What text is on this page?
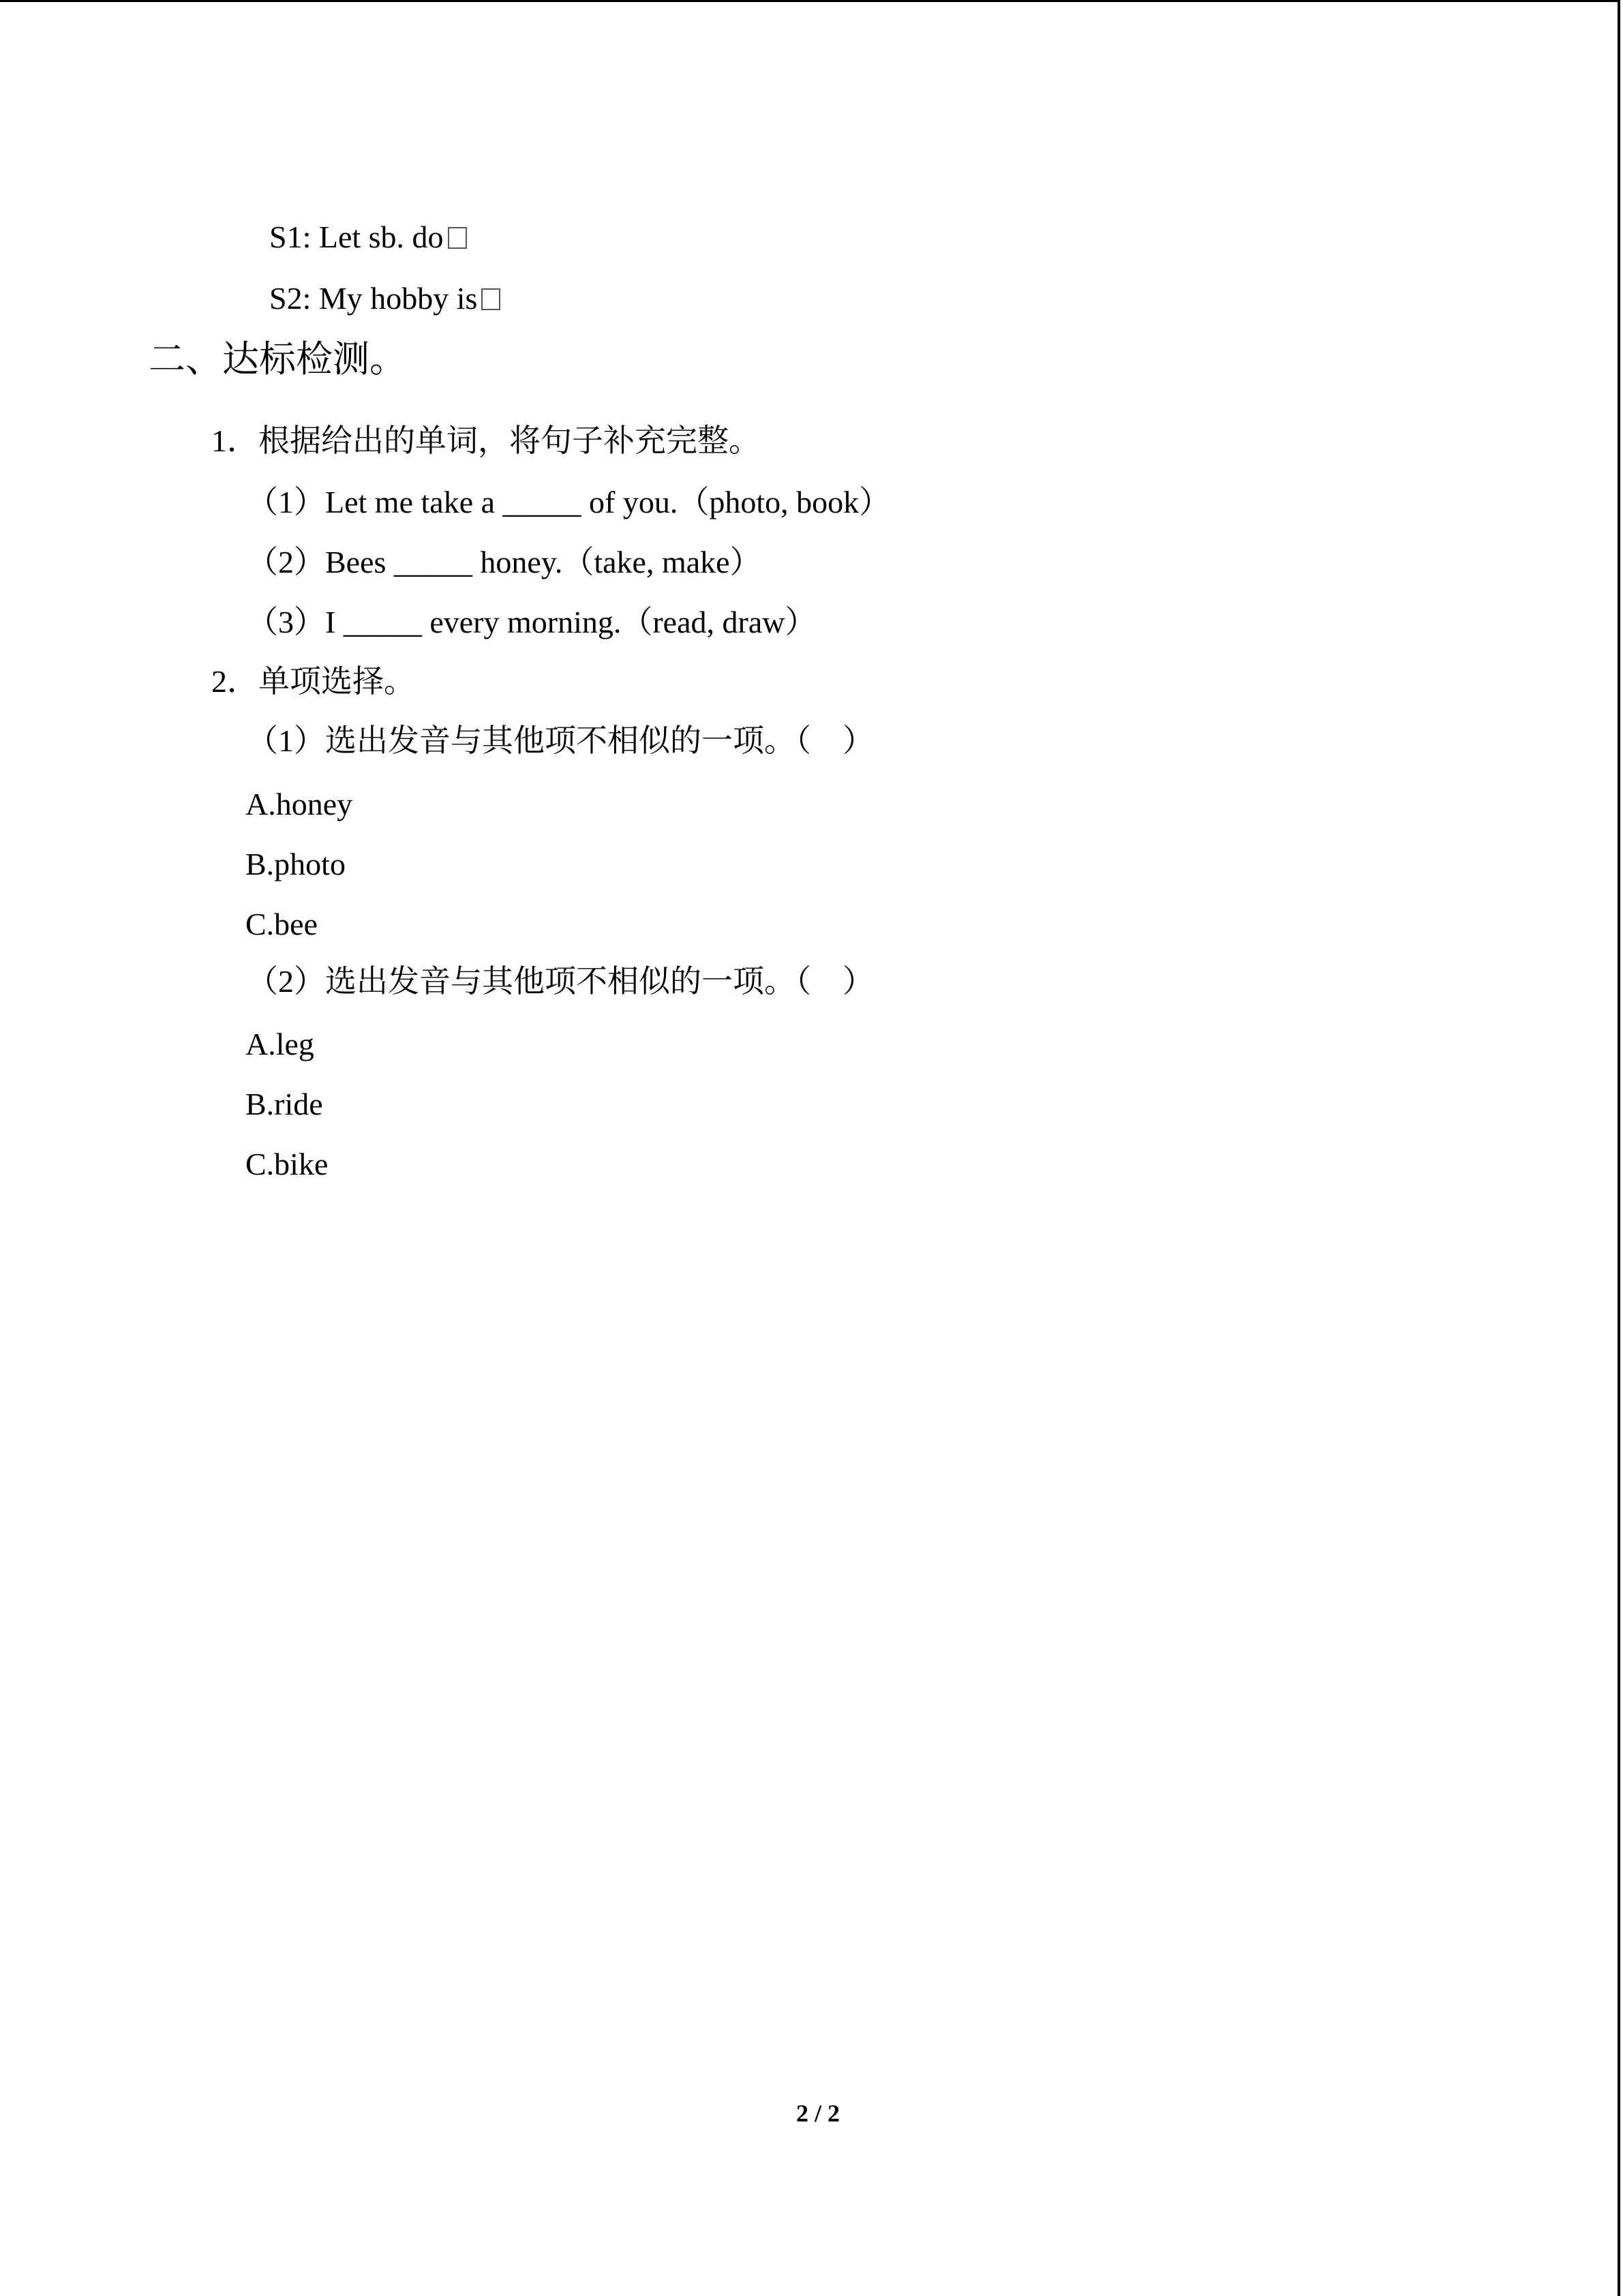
S1: Let sb. do
S2: My hobby is
二、达标检测。
1．根据给出的单词，将句子补充完整。
（1）Let me take a _____ of you.（photo, book）
（2）Bees _____ honey.（take, make）
（3）I _____ every morning.（read, draw）
2．单项选择。
（1）选出发音与其他项不相似的一项。（　）
A.honey
B.photo
C.bee
（2）选出发音与其他项不相似的一项。（　）
A.leg
B.ride
C.bike
2 / 2
